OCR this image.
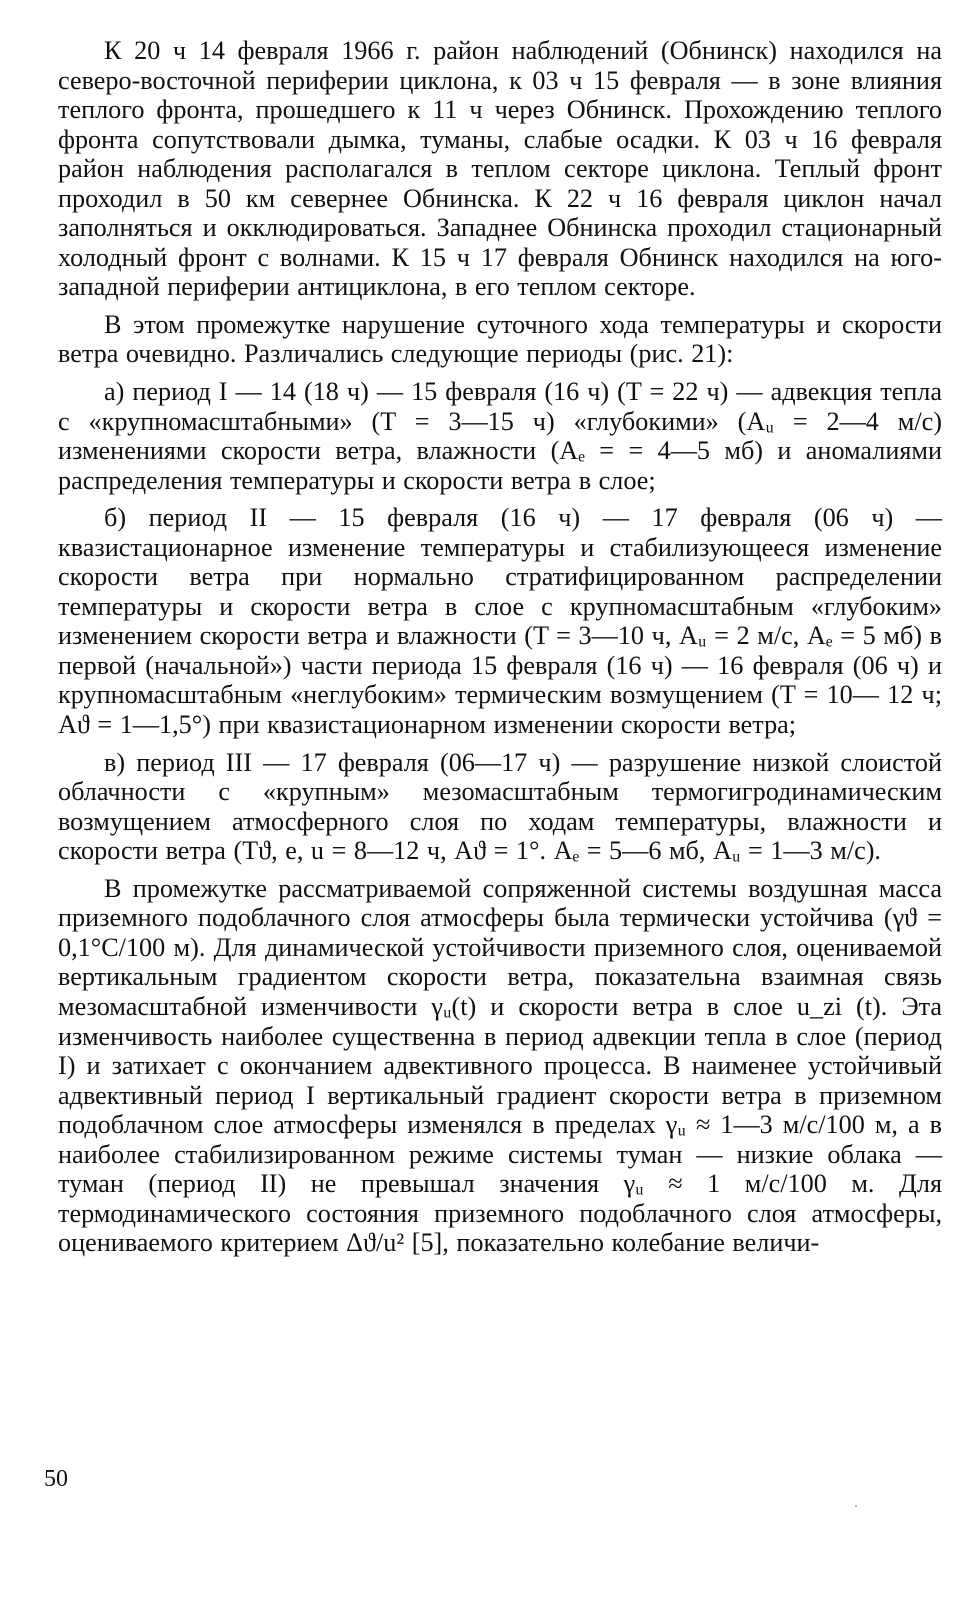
К 20 ч 14 февраля 1966 г. район наблюдений (Обнинск) находился на северо-восточной периферии циклона, к 03 ч 15 февраля — в зоне влияния теплого фронта, прошедшего к 11 ч через Обнинск. Прохождению теплого фронта сопутствовали дымка, туманы, слабые осадки. К 03 ч 16 февраля район наблюдения располагался в теплом секторе циклона. Теплый фронт проходил в 50 км севернее Обнинска. К 22 ч 16 февраля циклон начал заполняться и окклюдироваться. Западнее Обнинска проходил стационарный холодный фронт с волнами. К 15 ч 17 февраля Обнинск находился на юго-западной периферии антициклона, в его теплом секторе.

В этом промежутке нарушение суточного хода температуры и скорости ветра очевидно. Различались следующие периоды (рис. 21):

а) период I — 14 (18 ч) — 15 февраля (16 ч) (T = 22 ч) — адвекция тепла с «крупномасштабными» (T = 3—15 ч) «глубокими» (Aᵤ = 2—4 м/с) изменениями скорости ветра, влажности (Aₑ = = 4—5 мб) и аномалиями распределения температуры и скорости ветра в слое;

б) период II — 15 февраля (16 ч) — 17 февраля (06 ч) — квазистационарное изменение температуры и стабилизующееся изменение скорости ветра при нормально стратифицированном распределении температуры и скорости ветра в слое с крупномасштабным «глубоким» изменением скорости ветра и влажности (T = 3—10 ч, Aᵤ = 2 м/с, Aₑ = 5 мб) в первой (начальной») части периода 15 февраля (16 ч) — 16 февраля (06 ч) и крупномасштабным «неглубоким» термическим возмущением (T = 10— 12 ч; Aϑ = 1—1,5°) при квазистационарном изменении скорости ветра;

в) период III — 17 февраля (06—17 ч) — разрушение низкой слоистой облачности с «крупным» мезомасштабным термогигродинамическим возмущением атмосферного слоя по ходам температуры, влажности и скорости ветра (Tϑ, e, u = 8—12 ч, Aϑ = 1°. Aₑ = 5—6 мб, Aᵤ = 1—3 м/с).

В промежутке рассматриваемой сопряженной системы воздушная масса приземного подоблачного слоя атмосферы была термически устойчива (γϑ = 0,1°C/100 м). Для динамической устойчивости приземного слоя, оцениваемой вертикальным градиентом скорости ветра, показательна взаимная связь мезомасштабной изменчивости γᵤ(t) и скорости ветра в слое u_zi (t). Эта изменчивость наиболее существенна в период адвекции тепла в слое (период I) и затихает с окончанием адвективного процесса. В наименее устойчивый адвективный период I вертикальный градиент скорости ветра в приземном подоблачном слое атмосферы изменялся в пределах γᵤ ≈ 1—3 м/с/100 м, а в наиболее стабилизированном режиме системы туман — низкие облака — туман (период II) не превышал значения γᵤ ≈ 1 м/с/100 м. Для термодинамического состояния приземного подоблачного слоя атмосферы, оцениваемого критерием Δϑ/u² [5], показательно колебание величи-

50
